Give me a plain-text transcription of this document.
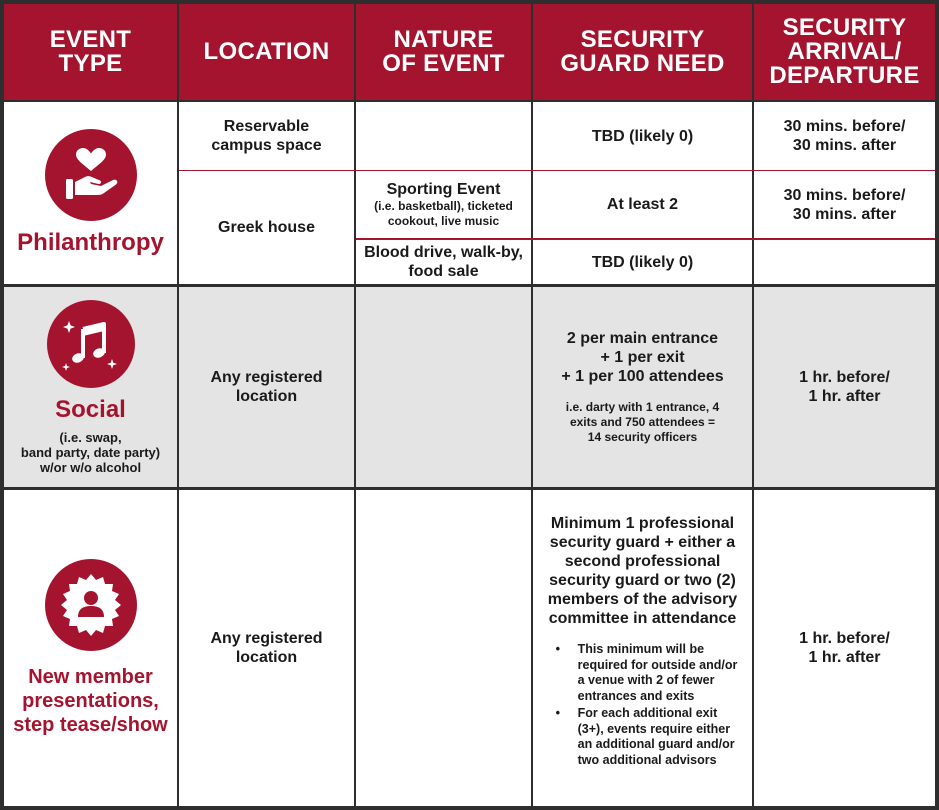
EVENT
TYPE	LOCATION	NATURE
OF EVENT
SECURITY
GUARD NEED
SECURITY
ARRIVAL/
DEPARTURE
Philanthropy
Reservable
campus space
Greek house
Sporting Event
(i.e. basketball), ticketed
cookout, live music
Blood drive, walk-by,
food sale
TBD (likely 0)
At least 2
TBD (likely 0)
30 mins. before/
30 mins. after
30 mins. before/
30 mins. after
Social
(i.e. swap,
band party, date party)
w/or w/o alcohol
Any registered
location
2 per main entrance
+ 1 per exit
+ 1 per 100 attendees
i.e. darty with 1 entrance, 4
exits and 750 attendees =
14 security officers
1 hr. before/
1 hr. after
New member
presentations,
step tease/show
Any registered
location
Minimum 1 professional
security guard + either a
second professional
security guard or two (2)
members of the advisory
committee in attendance
• This minimum will be
required for outside and/or
a venue with 2 of fewer
entrances and exits
• For each additional exit
(3+), events require either
an additional guard and/or
two additional advisors
1 hr. before/
1 hr. after
